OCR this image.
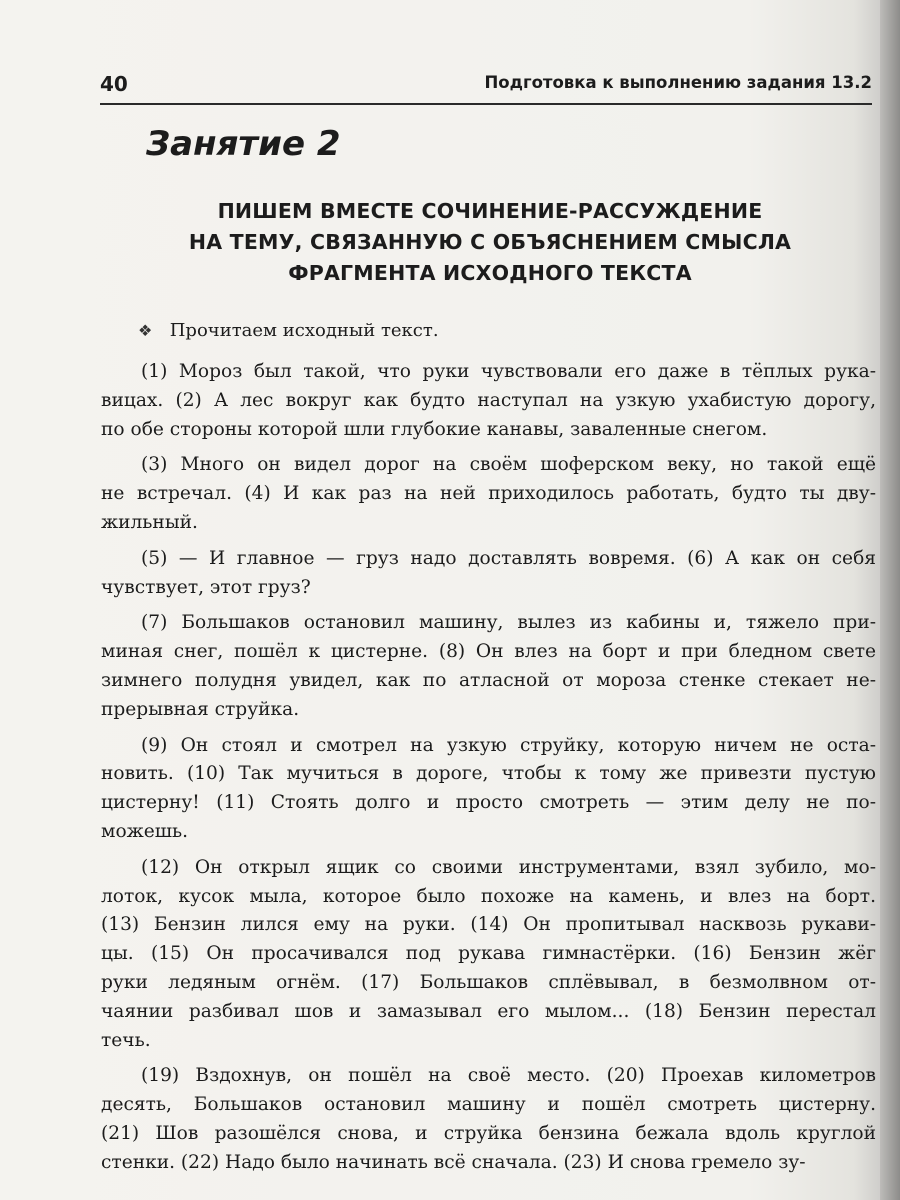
40	Подготовка к выполнению задания 13.2
Занятие 2
ПИШЕМ ВМЕСТЕ СОЧИНЕНИЕ-РАССУЖДЕНИЕ
НА ТЕМУ, СВЯЗАННУЮ С ОБЪЯСНЕНИЕМ СМЫСЛА
ФРАГМЕНТА ИСХОДНОГО ТЕКСТА
❖ Прочитаем исходный текст.
(1) Мороз был такой, что руки чувствовали его даже в тёплых рука-
вицах. (2) А лес вокруг как будто наступал на узкую ухабистую дорогу,
по обе стороны которой шли глубокие канавы, заваленные снегом.
(3) Много он видел дорог на своём шоферском веку, но такой ещё
не встречал. (4) И как раз на ней приходилось работать, будто ты дву-
жильный.
(5) — И главное — груз надо доставлять вовремя. (6) А как он себя
чувствует, этот груз?
(7) Большаков остановил машину, вылез из кабины и, тяжело при-
миная снег, пошёл к цистерне. (8) Он влез на борт и при бледном свете
зимнего полудня увидел, как по атласной от мороза стенке стекает не-
прерывная струйка.
(9) Он стоял и смотрел на узкую струйку, которую ничем не оста-
новить. (10) Так мучиться в дороге, чтобы к тому же привезти пустую
цистерну! (11) Стоять долго и просто смотреть — этим делу не по-
можешь.
(12) Он открыл ящик со своими инструментами, взял зубило, мо-
лоток, кусок мыла, которое было похоже на камень, и влез на борт.
(13) Бензин лился ему на руки. (14) Он пропитывал насквозь рукави-
цы. (15) Он просачивался под рукава гимнастёрки. (16) Бензин жёг
руки ледяным огнём. (17) Большаков сплёвывал, в безмолвном от-
чаянии разбивал шов и замазывал его мылом... (18) Бензин перестал
течь.
(19) Вздохнув, он пошёл на своё место. (20) Проехав километров
десять, Большаков остановил машину и пошёл смотреть цистерну.
(21) Шов разошёлся снова, и струйка бензина бежала вдоль круглой
стенки. (22) Надо было начинать всё сначала. (23) И снова гремело зу-
